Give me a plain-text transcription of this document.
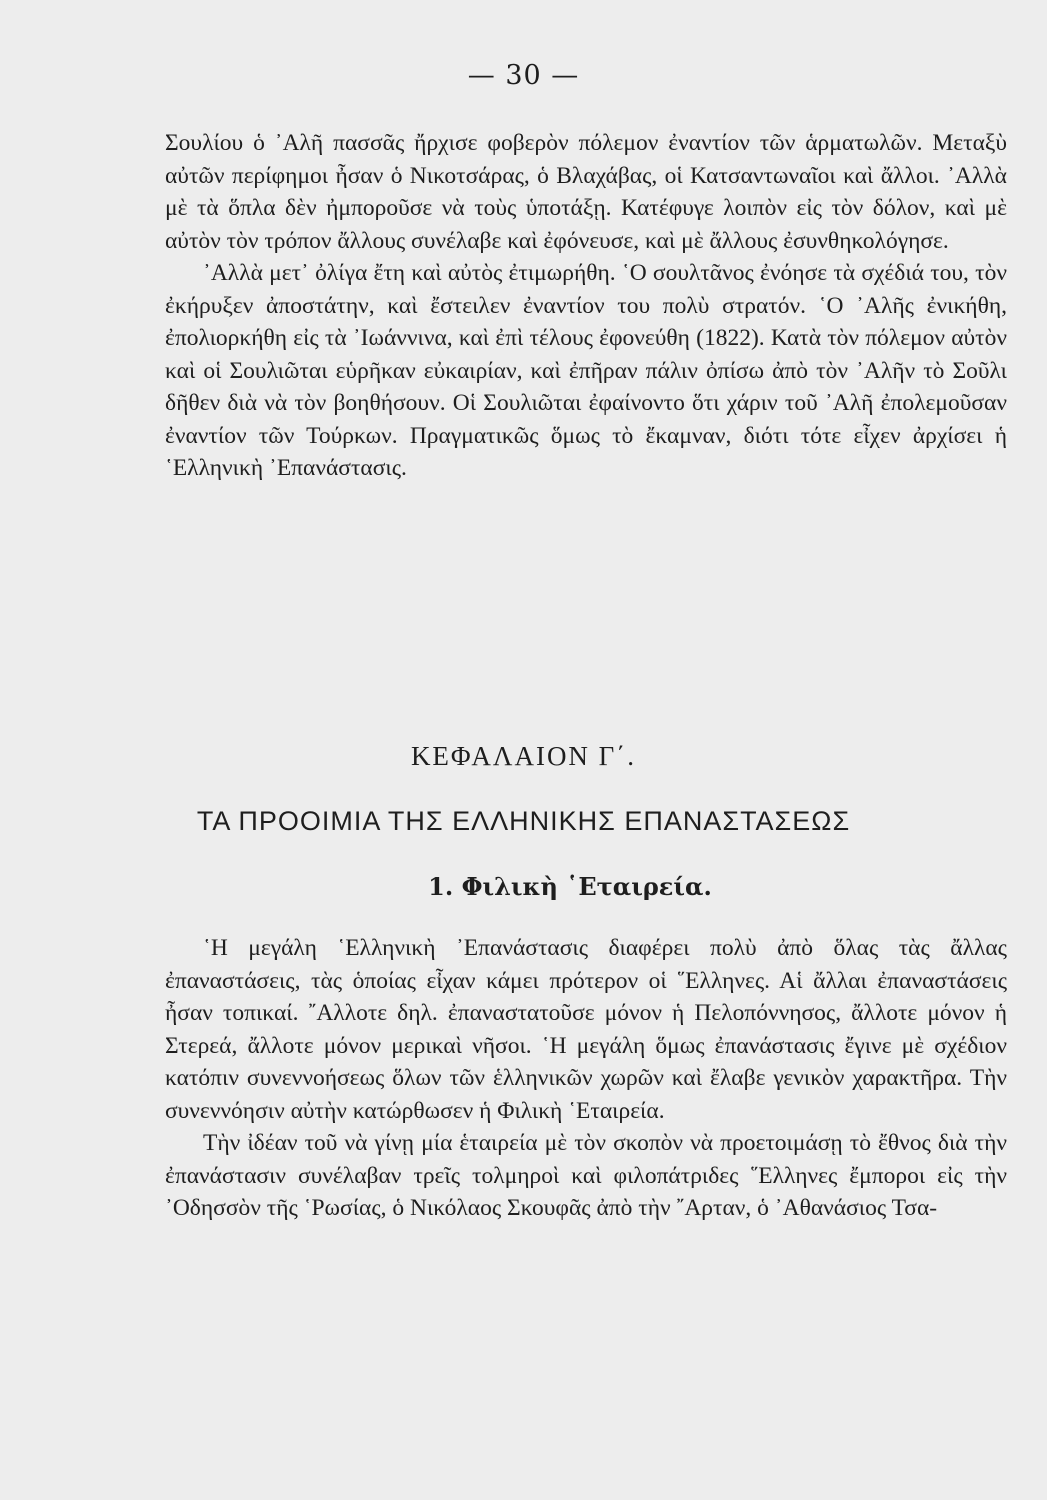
— 30 —

Σουλίου ὁ ᾿Αλῆ πασσᾶς ἤρχισε φοβερὸν πόλεμον ἐναντίον τῶν ἁρματωλῶν. Μεταξὺ αὐτῶν περίφημοι ἦσαν ὁ Νικοτσάρας, ὁ Βλαχάβας, οἱ Κατσαντωναῖοι καὶ ἄλλοι. ᾿Αλλὰ μὲ τὰ ὅπλα δὲν ἠμποροῦσε νὰ τοὺς ὑποτάξῃ. Κατέφυγε λοιπὸν εἰς τὸν δόλον, καὶ μὲ αὐτὸν τὸν τρόπον ἄλλους συνέλαβε καὶ ἐφόνευσε, καὶ μὲ ἄλλους ἐσυνθηκολόγησε.

᾿Αλλὰ μετ᾿ ὀλίγα ἔτη καὶ αὐτὸς ἐτιμωρήθη. ῾Ο σουλτᾶνος ἐνόησε τὰ σχέδιά του, τὸν ἐκήρυξεν ἀποστάτην, καὶ ἔστειλεν ἐναντίον του πολὺ στρατόν. ῾Ο ᾿Αλῆς ἐνικήθη, ἐπολιορκήθη εἰς τὰ ᾿Ιωάννινα, καὶ ἐπὶ τέλους ἐφονεύθη (1822). Κατὰ τὸν πόλεμον αὐτὸν καὶ οἱ Σουλιῶται εὑρῆκαν εὐκαιρίαν, καὶ ἐπῆραν πάλιν ὀπίσω ἀπὸ τὸν ᾿Αλῆν τὸ Σοῦλι δῆθεν διὰ νὰ τὸν βοηθήσουν. Οἱ Σουλιῶται ἐφαίνοντο ὅτι χάριν τοῦ ᾿Αλῆ ἐπολεμοῦσαν ἐναντίον τῶν Τούρκων. Πραγματικῶς ὅμως τὸ ἔκαμναν, διότι τότε εἶχεν ἀρχίσει ἡ ῾Ελληνικὴ ᾿Επανάστασις.

ΚΕΦΑΛΑΙΟΝ Γ΄.
ΤΑ ΠΡΟΟΙΜΙΑ ΤΗΣ ΕΛΛΗΝΙΚΗΣ ΕΠΑΝΑΣΤΑΣΕΩΣ
1. Φιλικὴ ῾Εταιρεία.

῾Η μεγάλη ῾Ελληνικὴ ᾿Επανάστασις διαφέρει πολὺ ἀπὸ ὅλας τὰς ἄλλας ἐπαναστάσεις, τὰς ὁποίας εἶχαν κάμει πρότερον οἱ ῞Ελληνες. Αἱ ἄλλαι ἐπαναστάσεις ἦσαν τοπικαί. ῎Αλλοτε δηλ. ἐπαναστατοῦσε μόνον ἡ Πελοπόννησος, ἄλλοτε μόνον ἡ Στερεά, ἄλλοτε μόνον μερικαὶ νῆσοι. ῾Η μεγάλη ὅμως ἐπανάστασις ἔγινε μὲ σχέδιον κατόπιν συνεννοήσεως ὅλων τῶν ἑλληνικῶν χωρῶν καὶ ἔλαβε γενικὸν χαρακτῆρα. Τὴν συνεννόησιν αὐτὴν κατώρθωσεν ἡ Φιλικὴ ῾Εταιρεία.

Τὴν ἰδέαν τοῦ νὰ γίνῃ μία ἑταιρεία μὲ τὸν σκοπὸν νὰ προετοιμάσῃ τὸ ἔθνος διὰ τὴν ἐπανάστασιν συνέλαβαν τρεῖς τολμηροὶ καὶ φιλοπάτριδες ῞Ελληνες ἔμποροι εἰς τὴν ᾿Οδησσὸν τῆς ῾Ρωσίας, ὁ Νικόλαος Σκουφᾶς ἀπὸ τὴν ῎Αρταν, ὁ ᾿Αθανάσιος Τσα-
